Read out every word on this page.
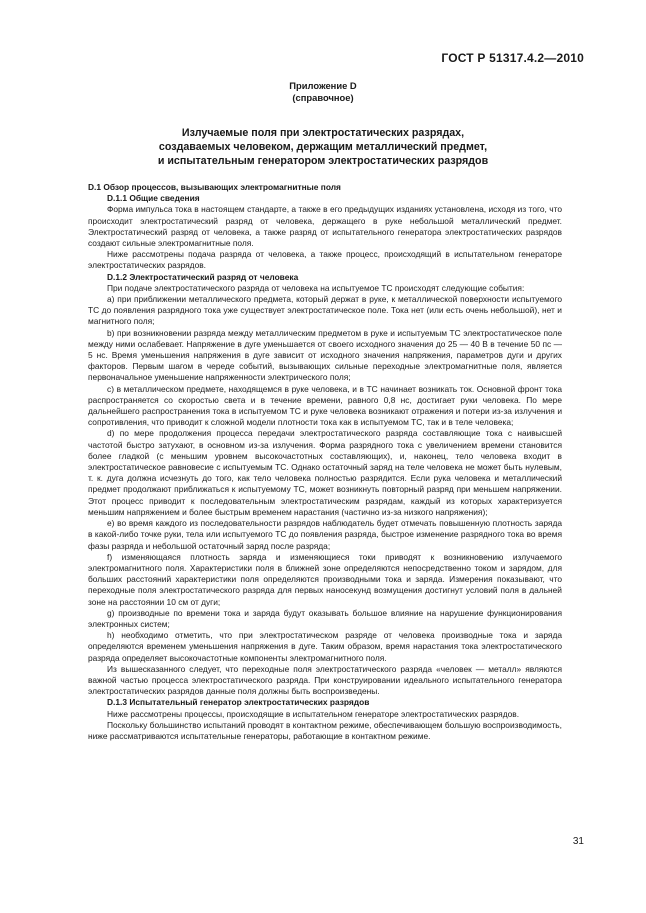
ГОСТ Р 51317.4.2—2010
Приложение D
(справочное)
Излучаемые поля при электростатических разрядах,
создаваемых человеком, держащим металлический предмет,
и испытательным генератором электростатических разрядов

D.1 Обзор процессов, вызывающих электромагнитные поля

D.1.1 Общие сведения

Форма импульса тока в настоящем стандарте, а также в его предыдущих изданиях установлена, исходя из того, что происходит электростатический разряд от человека, держащего в руке небольшой металлический предмет. Электростатический разряд от человека, а также разряд от испытательного генератора электростатических разрядов создают сильные электромагнитные поля.

Ниже рассмотрены подача разряда от человека, а также процесс, происходящий в испытательном генераторе электростатических разрядов.

D.1.2 Электростатический разряд от человека

При подаче электростатического разряда от человека на испытуемое ТС происходят следующие события:

a) при приближении металлического предмета, который держат в руке, к металлической поверхности испытуемого ТС до появления разрядного тока уже существует электростатическое поле. Тока нет (или есть очень небольшой), нет и магнитного поля;

b) при возникновении разряда между металлическим предметом в руке и испытуемым ТС электростатическое поле между ними ослабевает. Напряжение в дуге уменьшается от своего исходного значения до 25 — 40 В в течение 50 пс — 5 нс. Время уменьшения напряжения в дуге зависит от исходного значения напряжения, параметров дуги и других факторов. Первым шагом в череде событий, вызывающих сильные переходные электромагнитные поля, является первоначальное уменьшение напряженности электрического поля;

c) в металлическом предмете, находящемся в руке человека, и в ТС начинает возникать ток. Основной фронт тока распространяется со скоростью света и в течение времени, равного 0,8 нс, достигает руки человека. По мере дальнейшего распространения тока в испытуемом ТС и руке человека возникают отражения и потери из-за излучения и сопротивления, что приводит к сложной модели плотности тока как в испытуемом ТС, так и в теле человека;

d) по мере продолжения процесса передачи электростатического разряда составляющие тока с наивысшей частотой быстро затухают, в основном из-за излучения. Форма разрядного тока с увеличением времени становится более гладкой (с меньшим уровнем высокочастотных составляющих), и, наконец, тело человека входит в электростатическое равновесие с испытуемым ТС. Однако остаточный заряд на теле человека не может быть нулевым, т. к. дуга должна исчезнуть до того, как тело человека полностью разрядится. Если рука человека и металлический предмет продолжают приближаться к испытуемому ТС, может возникнуть повторный разряд при меньшем напряжении. Этот процесс приводит к последовательным электростатическим разрядам, каждый из которых характеризуется меньшим напряжением и более быстрым временем нарастания (частично из-за низкого напряжения);

e) во время каждого из последовательности разрядов наблюдатель будет отмечать повышенную плотность заряда в какой-либо точке руки, тела или испытуемого ТС до появления разряда, быстрое изменение разрядного тока во время фазы разряда и небольшой остаточный заряд после разряда;

f) изменяющаяся плотность заряда и изменяющиеся токи приводят к возникновению излучаемого электромагнитного поля. Характеристики поля в ближней зоне определяются непосредственно током и зарядом, для больших расстояний характеристики поля определяются производными тока и заряда. Измерения показывают, что переходные поля электростатического разряда для первых наносекунд возмущения достигнут условий поля в дальней зоне на расстоянии 10 см от дуги;

g) производные по времени тока и заряда будут оказывать большое влияние на нарушение функционирования электронных систем;

h) необходимо отметить, что при электростатическом разряде от человека производные тока и заряда определяются временем уменьшения напряжения в дуге. Таким образом, время нарастания тока электростатического разряда определяет высокочастотные компоненты электромагнитного поля.

Из вышесказанного следует, что переходные поля электростатического разряда «человек — металл» являются важной частью процесса электростатического разряда. При конструировании идеального испытательного генератора электростатических разрядов данные поля должны быть воспроизведены.

D.1.3 Испытательный генератор электростатических разрядов

Ниже рассмотрены процессы, происходящие в испытательном генераторе электростатических разрядов.

Поскольку большинство испытаний проводят в контактном режиме, обеспечивающем большую воспроизводимость, ниже рассматриваются испытательные генераторы, работающие в контактном режиме.

31
